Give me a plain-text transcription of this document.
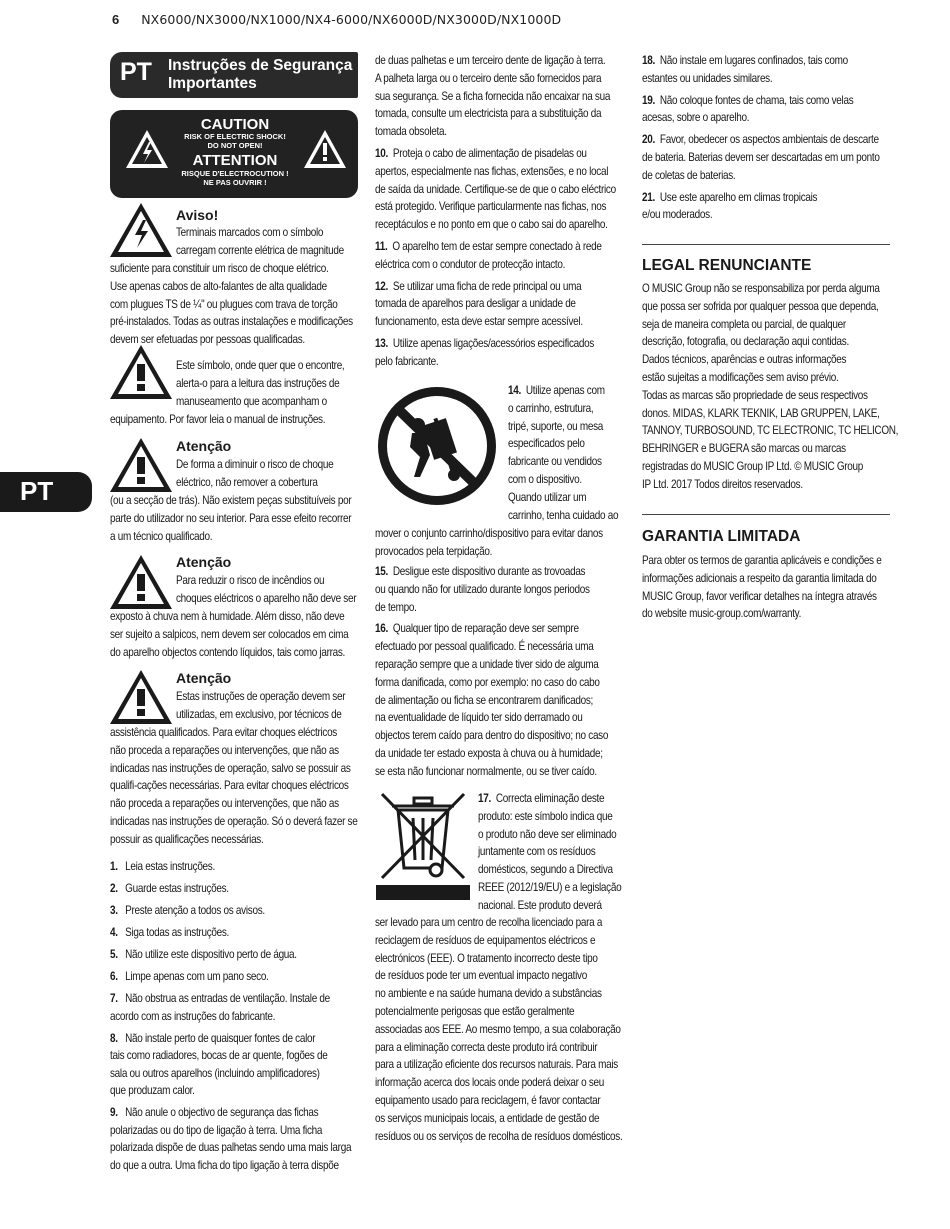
6 NX6000/NX3000/NX1000/NX4-6000/NX6000D/NX3000D/NX1000D
PT Instruções de Segurança
Importantes
CAUTION
RISK OF ELECTRIC SHOCK!
DO NOT OPEN!
ATTENTION
RISQUE D'ELECTROCUTION !
NE PAS OUVRIR !
PT
Aviso!
Terminais marcados com o símbolo
carregam corrente elétrica de magnitude
suficiente para constituir um risco de choque elétrico.
Use apenas cabos de alto-falantes de alta qualidade
com plugues TS de ¼" ou plugues com trava de torção
pré-instalados. Todas as outras instalações e modificações
devem ser efetuadas por pessoas qualificadas.
Este símbolo, onde quer que o encontre,
alerta-o para a leitura das instruções de
manuseamento que acompanham o
equipamento. Por favor leia o manual de instruções.
Atenção
De forma a diminuir o risco de choque
eléctrico, não remover a cobertura
(ou a secção de trás). Não existem peças substituíveis por
parte do utilizador no seu interior. Para esse efeito recorrer
a um técnico qualificado.
Atenção
Para reduzir o risco de incêndios ou
choques eléctricos o aparelho não deve ser
exposto à chuva nem à humidade. Além disso, não deve
ser sujeito a salpicos, nem devem ser colocados em cima
do aparelho objectos contendo líquidos, tais como jarras.
Atenção
Estas instruções de operação devem ser
utilizadas, em exclusivo, por técnicos de
assistência qualificados. Para evitar choques eléctricos
não proceda a reparações ou intervenções, que não as
indicadas nas instruções de operação, salvo se possuir as
qualifi-cações necessárias. Para evitar choques eléctricos
não proceda a reparações ou intervenções, que não as
indicadas nas instruções de operação. Só o deverá fazer se
possuir as qualificações necessárias.
1. Leia estas instruções.
2. Guarde estas instruções.
3. Preste atenção a todos os avisos.
4. Siga todas as instruções.
5. Não utilize este dispositivo perto de água.
6. Limpe apenas com um pano seco.
7. Não obstrua as entradas de ventilação. Instale de
acordo com as instruções do fabricante.
8. Não instale perto de quaisquer fontes de calor
tais como radiadores, bocas de ar quente, fogões de
sala ou outros aparelhos (incluindo amplificadores)
que produzam calor.
9. Não anule o objectivo de segurança das fichas
polarizadas ou do tipo de ligação à terra. Uma ficha
polarizada dispõe de duas palhetas sendo uma mais larga
do que a outra. Uma ficha do tipo ligação à terra dispõe
de duas palhetas e um terceiro dente de ligação à terra.
A palheta larga ou o terceiro dente são fornecidos para
sua segurança. Se a ficha fornecida não encaixar na sua
tomada, consulte um electricista para a substituição da
tomada obsoleta.
10. Proteja o cabo de alimentação de pisadelas ou
apertos, especialmente nas fichas, extensões, e no local
de saída da unidade. Certifique-se de que o cabo eléctrico
está protegido. Verifique particularmente nas fichas, nos
receptáculos e no ponto em que o cabo sai do aparelho.
11. O aparelho tem de estar sempre conectado à rede
eléctrica com o condutor de protecção intacto.
12. Se utilizar uma ficha de rede principal ou uma
tomada de aparelhos para desligar a unidade de
funcionamento, esta deve estar sempre acessível.
13. Utilize apenas ligações/acessórios especificados
pelo fabricante.
14. Utilize apenas com
o carrinho, estrutura,
tripé, suporte, ou mesa
especificados pelo
fabricante ou vendidos
com o dispositivo.
Quando utilizar um
carrinho, tenha cuidado ao
mover o conjunto carrinho/dispositivo para evitar danos
provocados pela terpidação.
15. Desligue este dispositivo durante as trovoadas
ou quando não for utilizado durante longos periodos
de tempo.
16. Qualquer tipo de reparação deve ser sempre
efectuado por pessoal qualificado. É necessária uma
reparação sempre que a unidade tiver sido de alguma
forma danificada, como por exemplo: no caso do cabo
de alimentação ou ficha se encontrarem danificados;
na eventualidade de líquido ter sido derramado ou
objectos terem caído para dentro do dispositivo; no caso
da unidade ter estado exposta à chuva ou à humidade;
se esta não funcionar normalmente, ou se tiver caído.
17. Correcta eliminação deste
produto: este símbolo indica que
o produto não deve ser eliminado
juntamente com os resíduos
domésticos, segundo a Directiva
REEE (2012/19/EU) e a legislação
nacional. Este produto deverá
ser levado para um centro de recolha licenciado para a
reciclagem de resíduos de equipamentos eléctricos e
electrónicos (EEE). O tratamento incorrecto deste tipo
de resíduos pode ter um eventual impacto negativo
no ambiente e na saúde humana devido a substâncias
potencialmente perigosas que estão geralmente
associadas aos EEE. Ao mesmo tempo, a sua colaboração
para a eliminação correcta deste produto irá contribuir
para a utilização eficiente dos recursos naturais. Para mais
informação acerca dos locais onde poderá deixar o seu
equipamento usado para reciclagem, é favor contactar
os serviços municipais locais, a entidade de gestão de
resíduos ou os serviços de recolha de resíduos domésticos.
18. Não instale em lugares confinados, tais como
estantes ou unidades similares.
19. Não coloque fontes de chama, tais como velas
acesas, sobre o aparelho.
20. Favor, obedecer os aspectos ambientais de descarte
de bateria. Baterias devem ser descartadas em um ponto
de coletas de baterias.
21. Use este aparelho em climas tropicais
e/ou moderados.
LEGAL RENUNCIANTE
O MUSIC Group não se responsabiliza por perda alguma
que possa ser sofrida por qualquer pessoa que dependa,
seja de maneira completa ou parcial, de qualquer
descrição, fotografia, ou declaração aqui contidas.
Dados técnicos, aparências e outras informações
estão sujeitas a modificações sem aviso prévio.
Todas as marcas são propriedade de seus respectivos
donos. MIDAS, KLARK TEKNIK, LAB GRUPPEN, LAKE,
TANNOY, TURBOSOUND, TC ELECTRONIC, TC HELICON,
BEHRINGER e BUGERA são marcas ou marcas
registradas do MUSIC Group IP Ltd. © MUSIC Group
IP Ltd. 2017 Todos direitos reservados.
GARANTIA LIMITADA
Para obter os termos de garantia aplicáveis e condições e
informações adicionais a respeito da garantia limitada do
MUSIC Group, favor verificar detalhes na íntegra através
do website music-group.com/warranty.
